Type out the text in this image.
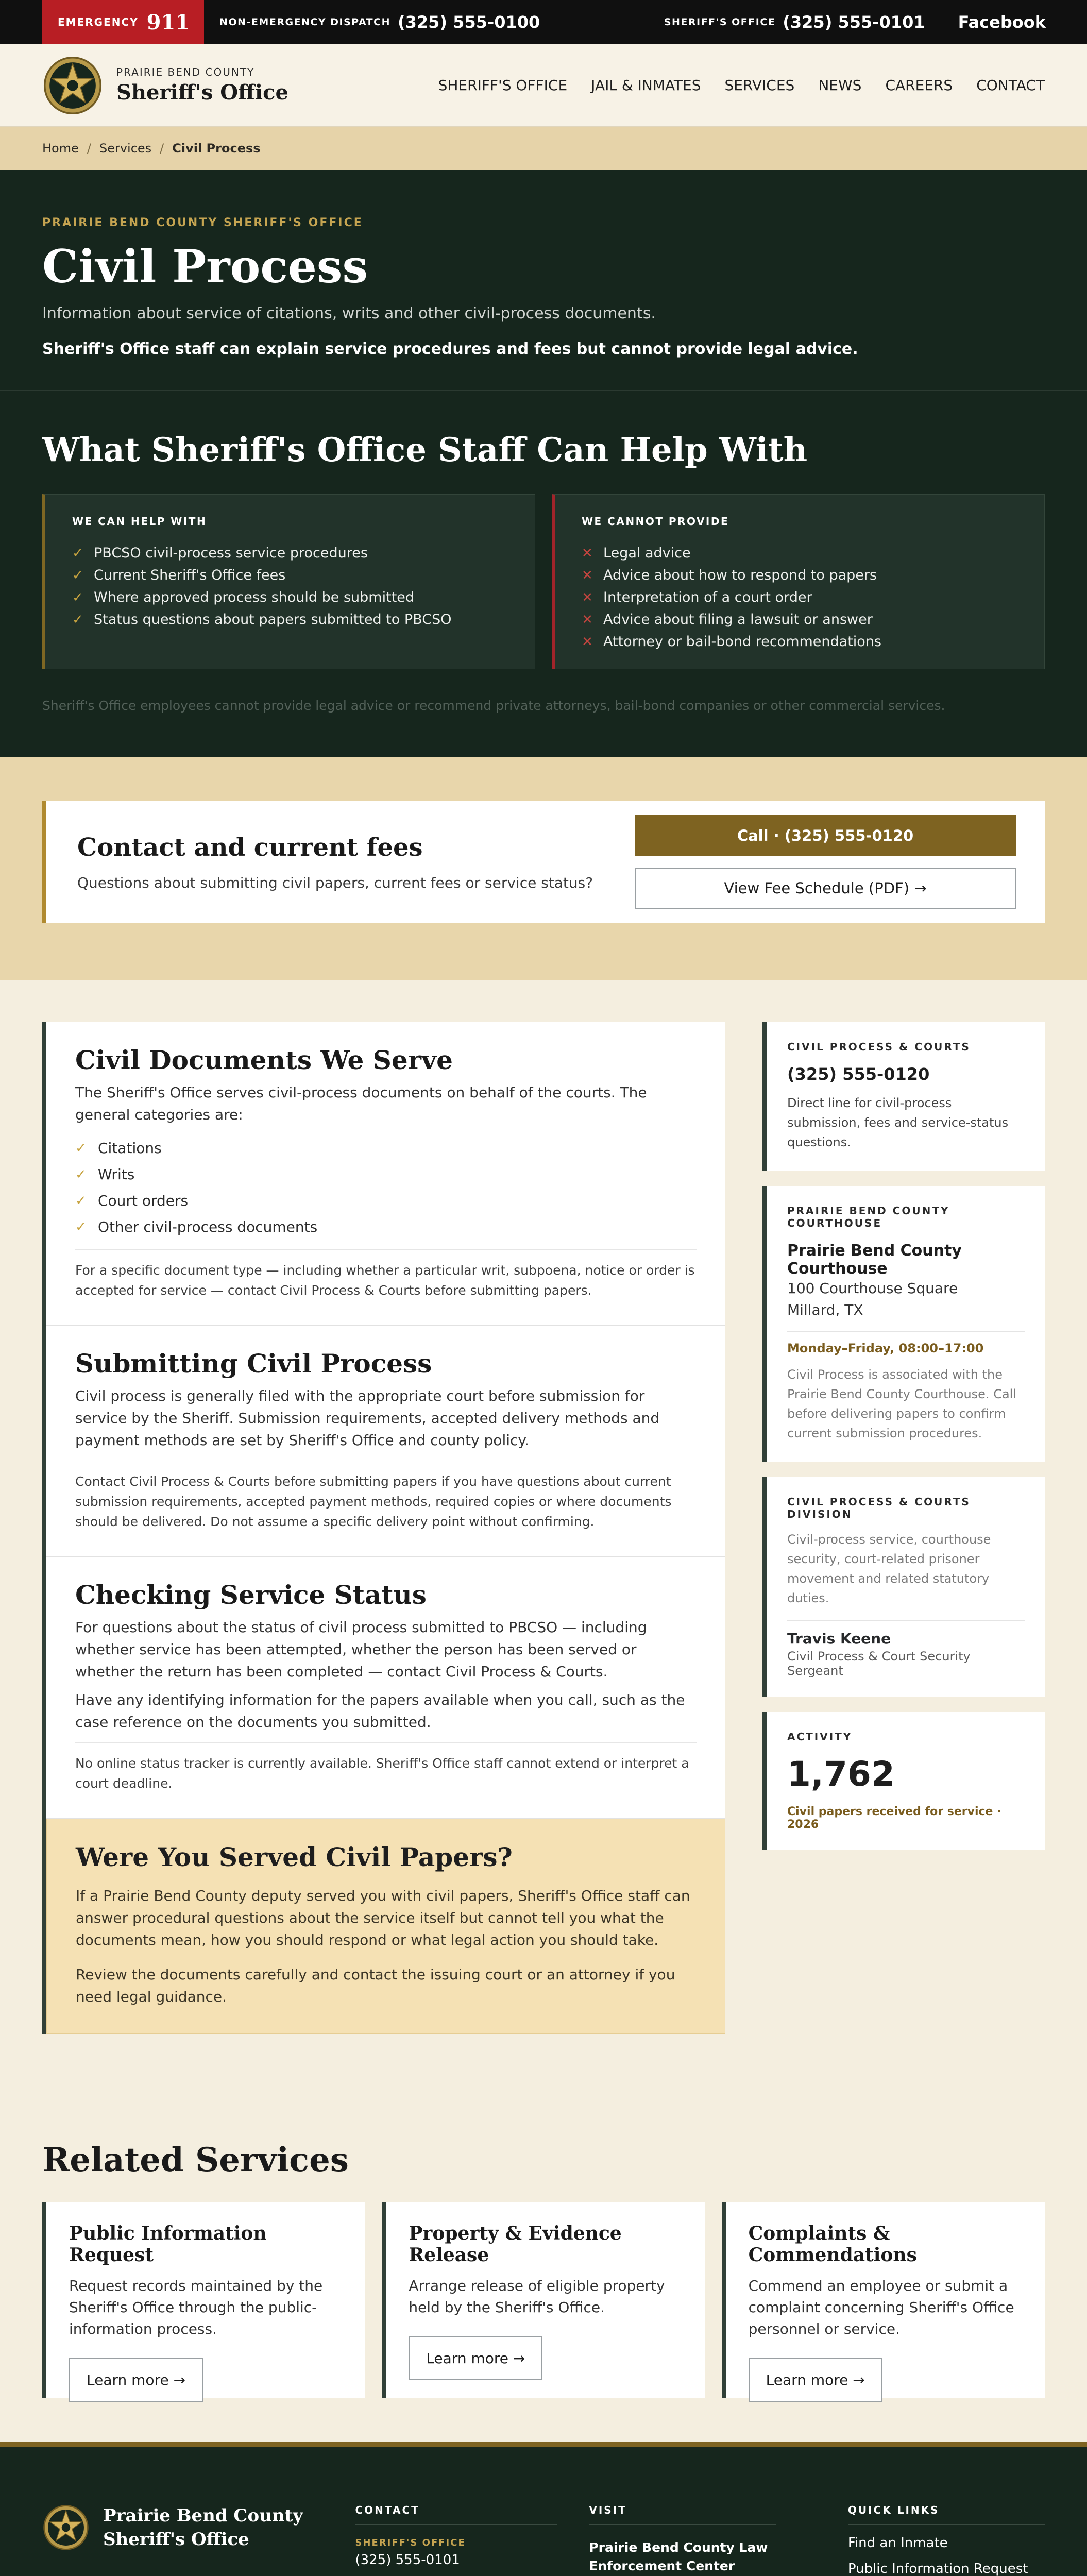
EMERGENCY 911	NON-EMERGENCY DISPATCH (325) 555-0100	SHERIFF'S OFFICE (325) 555-0101 Facebook
PRAIRIE BEND COUNTY
Sheriff's Office	SHERIFF'S OFFICE JAIL & INMATES SERVICES NEWS CAREERS CONTACT
Home / Services / Civil Process
PRAIRIE BEND COUNTY SHERIFF'S OFFICE
Civil Process
Information about service of citations, writs and other civil-process documents.
Sheriff's Office staff can explain service procedures and fees but cannot provide legal advice.
What Sheriff's Office Staff Can Help With
WE CAN HELP WITH
✓ PBCSO civil-process service procedures
✓ Current Sheriff's Office fees
✓ Where approved process should be submitted
✓ Status questions about papers submitted to PBCSO
WE CANNOT PROVIDE
✕ Legal advice
✕ Advice about how to respond to papers
✕ Interpretation of a court order
✕ Advice about filing a lawsuit or answer
✕ Attorney or bail-bond recommendations
Sheriff's Office employees cannot provide legal advice or recommend private attorneys, bail-bond companies or other commercial services.
Contact and current fees

Questions about submitting civil papers, current fees or service status?

Call · (325) 555-0120
View Fee Schedule (PDF) →
Civil Documents We Serve

The Sheriff's Office serves civil-process documents on behalf of the courts. The general categories are:

✓ Citations
✓ Writs
✓ Court orders
✓ Other civil-process documents
For a specific document type — including whether a particular writ, subpoena, notice or order is accepted for service — contact Civil Process & Courts before submitting papers.
Submitting Civil Process

Civil process is generally filed with the appropriate court before submission for service by the Sheriff. Submission requirements, accepted delivery methods and payment methods are set by Sheriff's Office and county policy.

Contact Civil Process & Courts before submitting papers if you have questions about current submission requirements, accepted payment methods, required copies or where documents should be delivered. Do not assume a specific delivery point without confirming.
Checking Service Status

For questions about the status of civil process submitted to PBCSO — including whether service has been attempted, whether the person has been served or whether the return has been completed — contact Civil Process & Courts.

Have any identifying information for the papers available when you call, such as the case reference on the documents you submitted.

No online status tracker is currently available. Sheriff's Office staff cannot extend or interpret a court deadline.
Were You Served Civil Papers?

If a Prairie Bend County deputy served you with civil papers, Sheriff's Office staff can answer procedural questions about the service itself but cannot tell you what the documents mean, how you should respond or what legal action you should take.

Review the documents carefully and contact the issuing court or an attorney if you need legal guidance.

CIVIL PROCESS & COURTS
(325) 555-0120

Direct line for civil-process submission, fees and service-status questions.

PRAIRIE BEND COUNTY COURTHOUSE
Prairie Bend County Courthouse
100 Courthouse Square
Millard, TX
Monday–Friday, 08:00–17:00
Civil Process is associated with the Prairie Bend County Courthouse. Call before delivering papers to confirm current submission procedures.
CIVIL PROCESS & COURTS DIVISION
Civil-process service, courthouse security, court-related prisoner movement and related statutory duties.
Travis Keene
Civil Process & Court Security Sergeant
ACTIVITY
1,762
Civil papers received for service · 2026
Related Services
Public Information Request

Request records maintained by the Sheriff's Office through the public-information process.

Learn more →
Property & Evidence Release

Arrange release of eligible property held by the Sheriff's Office.

Learn more →
Complaints & Commendations

Commend an employee or submit a complaint concerning Sheriff's Office personnel or service.

Learn more →
Prairie Bend County Sheriff's Office
CONTACT
SHERIFF'S OFFICE
(325) 555-0101
VISIT
Prairie Bend County Law Enforcement Center
QUICK LINKS
Find an Inmate
Public Information Request
